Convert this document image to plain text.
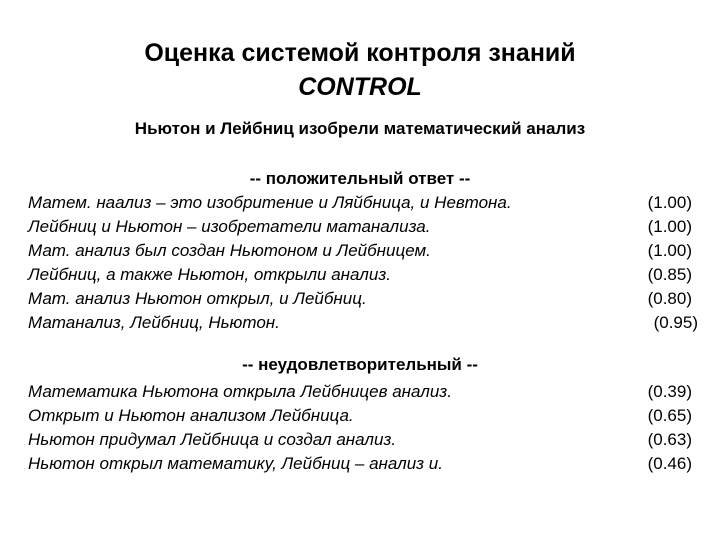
Оценка системой контроля знаний
CONTROL
Ньютон и Лейбниц изобрели математический анализ
-- положительный ответ --
Матем. наализ – это изобритение и Ляйбница, и Невтона.	(1.00)
Лейбниц и Ньютон – изобретатели матанализа.	(1.00)
Мат. анализ был создан Ньютоном и Лейбницем.	(1.00)
Лейбниц, а также Ньютон, открыли анализ.	(0.85)
Мат. анализ Ньютон открыл, и Лейбниц.	(0.80)
Матанализ, Лейбниц, Ньютон.	(0.95)
-- неудовлетворительный --
Математика Ньютона открыла Лейбницев анализ.	(0.39)
Открыт и Ньютон анализом Лейбница.	(0.65)
Ньютон придумал Лейбница и создал анализ.	(0.63)
Ньютон открыл математику, Лейбниц – анализ и.	(0.46)
